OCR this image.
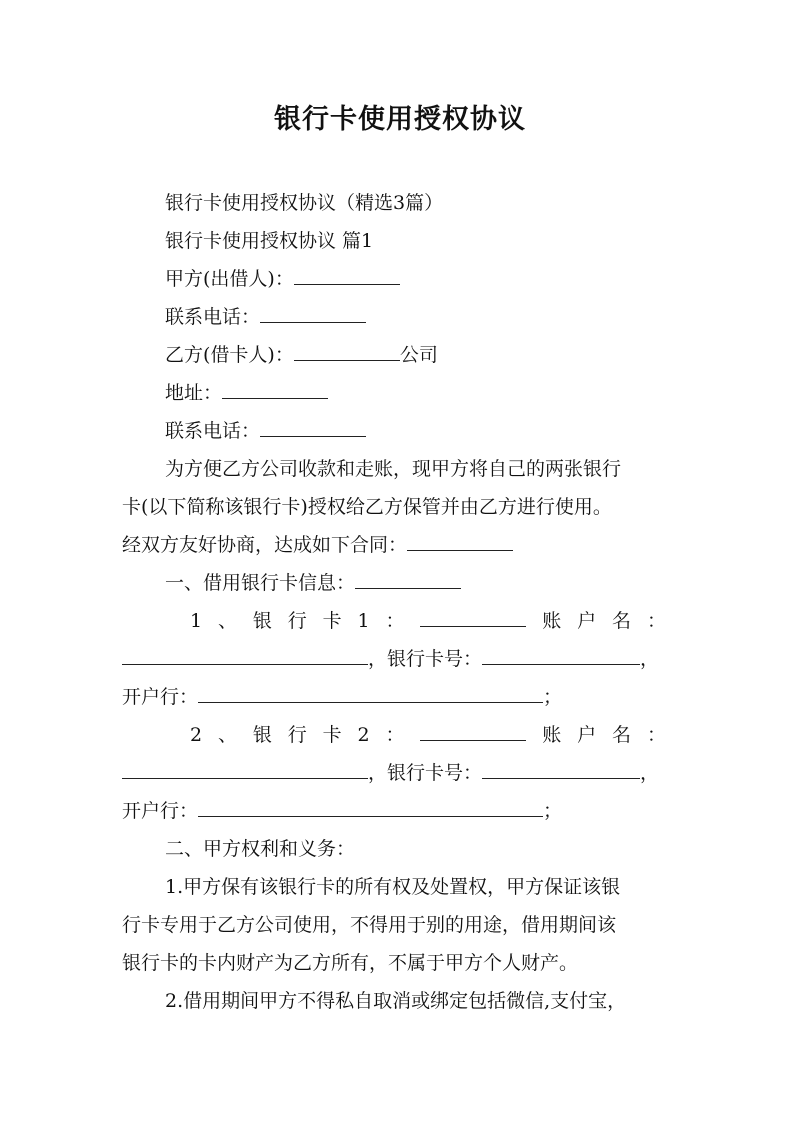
银行卡使用授权协议
银行卡使用授权协议（精选3篇）
银行卡使用授权协议 篇1
甲方(出借人)：
联系电话：
乙方(借卡人)：	公司
地址：
联系电话：
为方便乙方公司收款和走账，现甲方将自己的两张银行
卡(以下简称该银行卡)授权给乙方保管并由乙方进行使用。
经双方友好协商，达成如下合同：
一、借用银行卡信息：
1 、 银 行 卡 1 ：	账 户 名 ：
，银行卡号：	，
开户行：	；
2 、 银 行 卡 2 ：	账 户 名 ：
，银行卡号：	，
开户行：	；
二、甲方权利和义务：
1.甲方保有该银行卡的所有权及处置权，甲方保证该银
行卡专用于乙方公司使用，不得用于别的用途，借用期间该
银行卡的卡内财产为乙方所有，不属于甲方个人财产。
2.借用期间甲方不得私自取消或绑定包括微信,支付宝，
